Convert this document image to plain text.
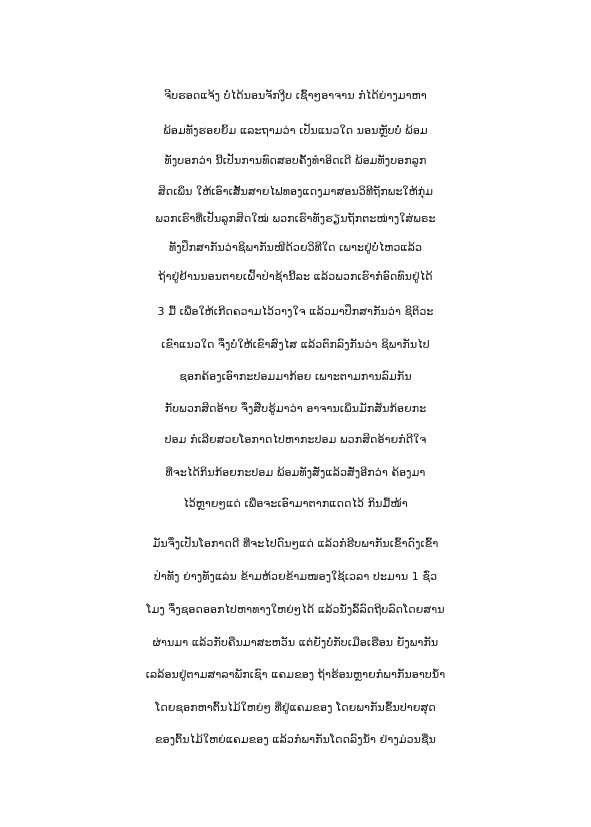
ຈີບຮອດແຈ້ງ ບໍ່ໄດ້ນອນຈັກງີບ ເຊົ້າໆອາຈານ ກໍໄດ້ຍ່າງມາຫາ
ພ້ອມທັງຮອຍຍິ້ມ ແລະຖາມວ່າ ເປັນແນວໃດ ນອນຫຼັບບໍ່ ພ້ອມ
ທັງບອກວ່າ ນີ້ເປັນການທົດສອບຄັ້ງທຳອິດເດີ ພ້ອມທັງບອກລູກ
ສິດເພິ່ນ ໃຫ້ເອົາເສັ້ນສາຍໄຟທອງແດງມາສອນວິທີຖັກພະໃຫ້ກຸ່ມ
ພວກເຮົາທີ່ເປັນລູກສິດໃໝ່ ພວກເຮົາທັງຮຽນຖັກຕະໜ່າງໃສ່ພຣະ
ທັງປຶກສາກັນວ່າຊິພາກັນໜີດ້ວຍວິທີໃດ ເພາະຢູ່ບໍ່ໄຫວແລ້ວ
ຖ້າຢູ່ຢ້ານນອນຕາຍເຝົ້າປ່າຊ້ານີ້ລະ ແລ້ວພວກເຮົາກໍອົດທົນຢູ່ໄດ້
3 ມື້ ເພື່ອໃຫ້ເກີດຄວາມໄວ້ວາງໃຈ ແລ້ວມາປຶກສາກັນວ່າ ຊິຕິວະ
ເຂົາແນວໃດ ຈຶ່ງບໍ່ໃຫ້ເຂົາສົງໄສ ແລ້ວຕົກລົງກັນວ່າ ຊິພາກັນໄປ
ຊອກຄ້ອງເອົາກະປອມມາກ້ອຍ ເພາະຕາມການລົມກັນ
ກັບພວກສິດອ້າຍ ຈຶ່ງສືບຮູ້ມາວ່າ ອາຈານເພິ່ນມັກສັນກ້ອຍກະ
ປອມ ກໍເລີຍສວຍໂອກາດໄປຫາກະປອມ ພວກສິດອ້າຍກໍດີໃຈ
ທີ່ຈະໄດ້ກິນກ້ອຍກະປອມ ພ້ອມທັງສັ່ງແລ້ວສັ່ງອີກວ່າ ຄ້ອງມາ
ໄວ້ຫຼາຍໆແດ່ ເພື່ອຈະເອົາມາຕາກແດດໄວ້ ກິນມື້ໜ້າ
ມັນຈຶ່ງເປັນໂອກາດດີ ທີ່ຈະໄປດົນໆແດ່ ແລ້ວກໍຮີບພາກັນເຂົ້າດົງເຂົ້າ
ປ່າທັງ ຍ່າງທັງແລ່ນ ຂ້າມຫ້ວຍຂ້າມໜອງໃຊ້ເວລາ ປະມານ 1 ຊົ່ວ
ໂມງ ຈຶ່ງຊອດອອກໄປຫາທາງໃຫຍ່ໆໄດ້ ແລ້ວນັ່ງລົ້ລົດຖີບລົດໂດຍສານ
ຜ່ານມາ ແລ້ວກັບຄືນມາສະຫວັນ ແຕ່ຍັງບໍ່ກັບເມືອເຮືອນ ຍັງພາກັນ
ເລລ້ອນຢູ່ຕາມສາລາພັກເຊົາ ແຄມຂອງ ຖ້າຮ້ອນຫຼາຍກໍພາກັນອາບນໍ້າ
ໂດຍຊອກຫາຕົ້ນໄມ້ໃຫຍ່ໆ ທີ່ຢູ່ແຄມຂອງ ໂດຍພາກັນຂຶ້ນປາຍສຸດ
ຂອງຕົ້ນໄມ້ໃຫຍ່ແຄມຂອງ ແລ້ວກໍພາກັນໂດດລົງນໍ້າ ຢ່າງມ່ວນຊື່ນ
